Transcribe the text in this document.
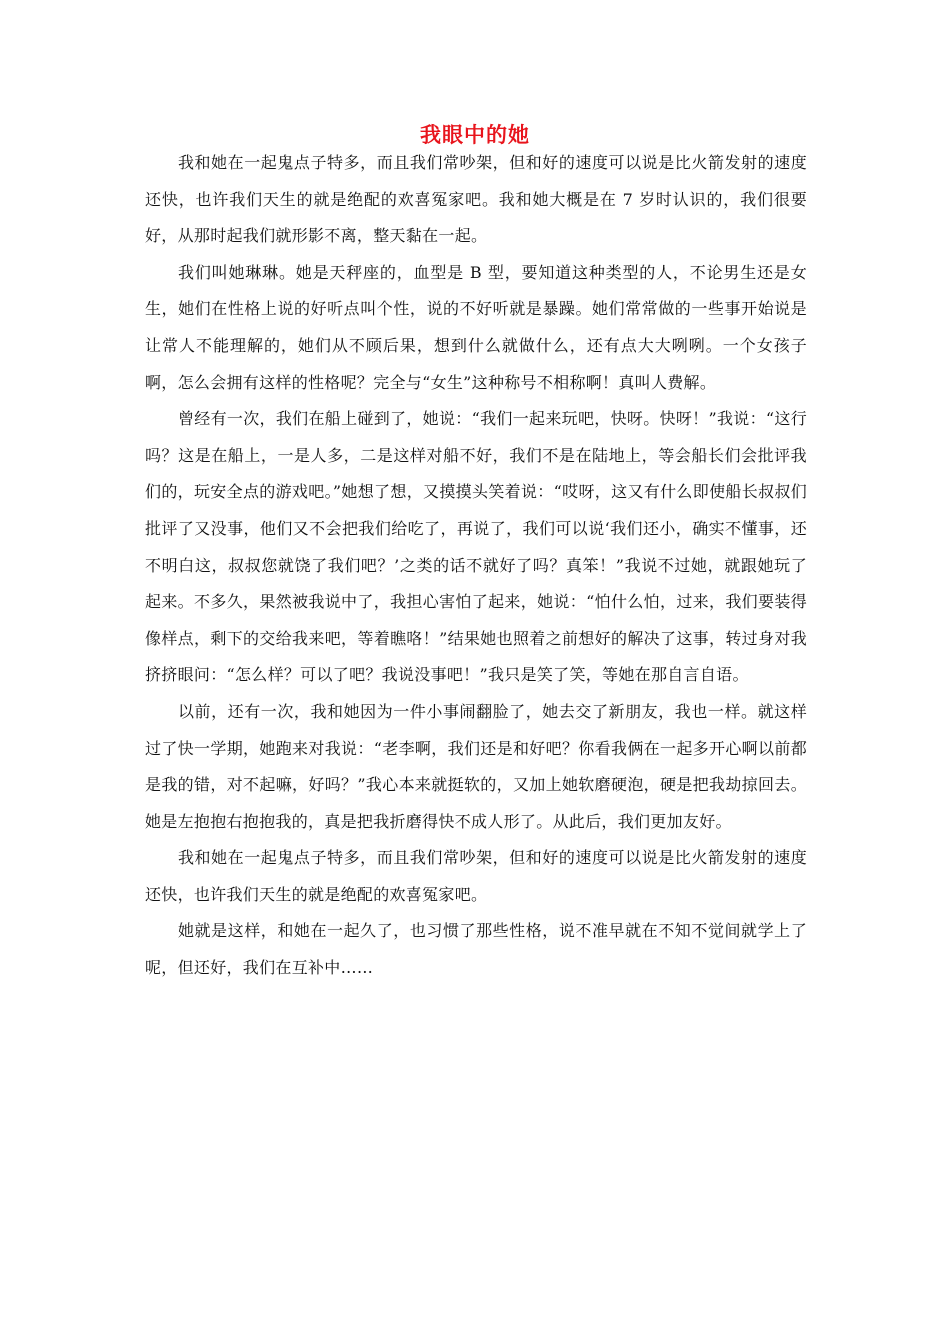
我眼中的她

我和她在一起鬼点子特多，而且我们常吵架，但和好的速度可以说是比火箭发射的速度还快，也许我们天生的就是绝配的欢喜冤家吧。我和她大概是在 7 岁时认识的，我们很要好，从那时起我们就形影不离，整天黏在一起。

我们叫她琳琳。她是天秤座的，血型是 B 型，要知道这种类型的人，不论男生还是女生，她们在性格上说的好听点叫个性，说的不好听就是暴躁。她们常常做的一些事开始说是让常人不能理解的，她们从不顾后果，想到什么就做什么，还有点大大咧咧。一个女孩子啊，怎么会拥有这样的性格呢？完全与“女生”这种称号不相称啊！真叫人费解。

曾经有一次，我们在船上碰到了，她说：“我们一起来玩吧，快呀。快呀！”我说：“这行吗？这是在船上，一是人多，二是这样对船不好，我们不是在陆地上，等会船长们会批评我们的，玩安全点的游戏吧。”她想了想，又摸摸头笑着说：“哎呀，这又有什么即使船长叔叔们批评了又没事，他们又不会把我们给吃了，再说了，我们可以说‘我们还小，确实不懂事，还不明白这，叔叔您就饶了我们吧？’之类的话不就好了吗？真笨！”我说不过她，就跟她玩了起来。不多久，果然被我说中了，我担心害怕了起来，她说：“怕什么怕，过来，我们要装得像样点，剩下的交给我来吧，等着瞧咯！”结果她也照着之前想好的解决了这事，转过身对我挤挤眼问：“怎么样？可以了吧？我说没事吧！”我只是笑了笑，等她在那自言自语。

以前，还有一次，我和她因为一件小事闹翻脸了，她去交了新朋友，我也一样。就这样过了快一学期，她跑来对我说：“老李啊，我们还是和好吧？你看我俩在一起多开心啊以前都是我的错，对不起嘛，好吗？”我心本来就挺软的，又加上她软磨硬泡，硬是把我劫掠回去。她是左抱抱右抱抱我的，真是把我折磨得快不成人形了。从此后，我们更加友好。

我和她在一起鬼点子特多，而且我们常吵架，但和好的速度可以说是比火箭发射的速度还快，也许我们天生的就是绝配的欢喜冤家吧。

她就是这样，和她在一起久了，也习惯了那些性格，说不准早就在不知不觉间就学上了呢，但还好，我们在互补中……
